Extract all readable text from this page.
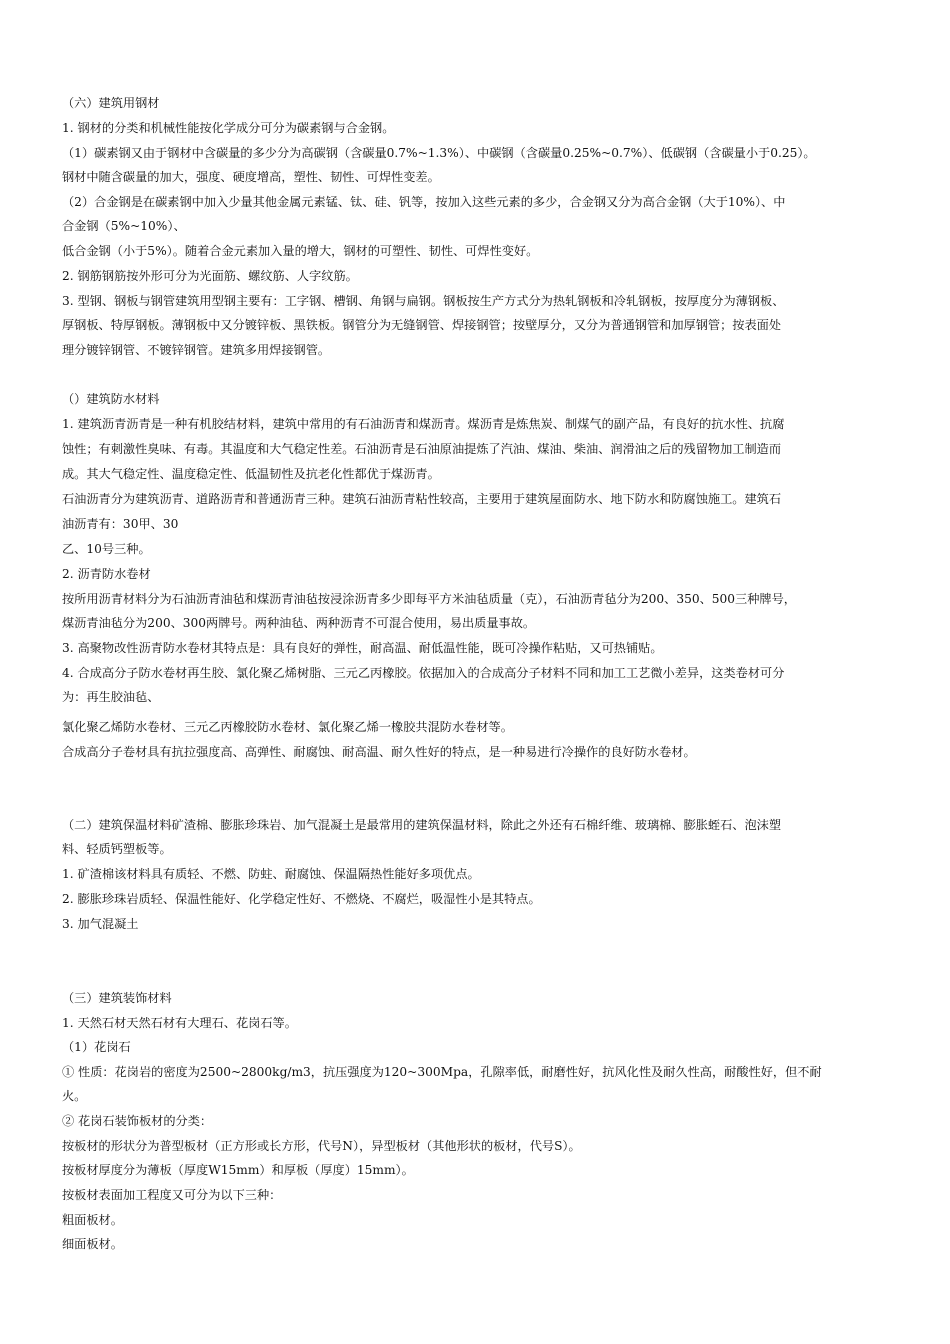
（六）建筑用钢材
1. 钢材的分类和机械性能按化学成分可分为碳素钢与合金钢。
（1）碳素钢又由于钢材中含碳量的多少分为高碳钢（含碳量0.7%~1.3%）、中碳钢（含碳量0.25%~0.7%）、低碳钢（含碳量小于0.25）。
钢材中随含碳量的加大，强度、硬度增高，塑性、韧性、可焊性变差。
（2）合金钢是在碳素钢中加入少量其他金属元素锰、钛、硅、钒等，按加入这些元素的多少，合金钢又分为高合金钢（大于10%）、中
合金钢（5%~10%）、
低合金钢（小于5%）。随着合金元素加入量的增大，钢材的可塑性、韧性、可焊性变好。
2. 钢筋钢筋按外形可分为光面筋、螺纹筋、人字纹筋。
3. 型钢、钢板与钢管建筑用型钢主要有：工字钢、槽钢、角钢与扁钢。钢板按生产方式分为热轧钢板和冷轧钢板，按厚度分为薄钢板、
厚钢板、特厚钢板。薄钢板中又分镀锌板、黑铁板。钢管分为无缝钢管、焊接钢管；按壁厚分，又分为普通钢管和加厚钢管；按表面处
理分镀锌钢管、不镀锌钢管。建筑多用焊接钢管。
（）建筑防水材料
1. 建筑沥青沥青是一种有机胶结材料，建筑中常用的有石油沥青和煤沥青。煤沥青是炼焦炭、制煤气的副产品，有良好的抗水性、抗腐
蚀性；有刺激性臭味、有毒。其温度和大气稳定性差。石油沥青是石油原油提炼了汽油、煤油、柴油、润滑油之后的残留物加工制造而
成。其大气稳定性、温度稳定性、低温韧性及抗老化性都优于煤沥青。
石油沥青分为建筑沥青、道路沥青和普通沥青三种。建筑石油沥青粘性较高，主要用于建筑屋面防水、地下防水和防腐蚀施工。建筑石
油沥青有：30甲、30
乙、10号三种。
2. 沥青防水卷材
按所用沥青材料分为石油沥青油毡和煤沥青油毡按浸涂沥青多少即每平方米油毡质量（克），石油沥青毡分为200、350、500三种牌号，
煤沥青油毡分为200、300两牌号。两种油毡、两种沥青不可混合使用，易出质量事故。
3. 高聚物改性沥青防水卷材其特点是：具有良好的弹性，耐高温、耐低温性能，既可冷操作粘贴，又可热铺贴。
4. 合成高分子防水卷材再生胶、氯化聚乙烯树脂、三元乙丙橡胶。依据加入的合成高分子材料不同和加工工艺微小差异，这类卷材可分
为：再生胶油毡、
氯化聚乙烯防水卷材、三元乙丙橡胶防水卷材、氯化聚乙烯一橡胶共混防水卷材等。
合成高分子卷材具有抗拉强度高、高弹性、耐腐蚀、耐高温、耐久性好的特点，是一种易进行冷操作的良好防水卷材。
（二）建筑保温材料矿渣棉、膨胀珍珠岩、加气混凝土是最常用的建筑保温材料，除此之外还有石棉纤维、玻璃棉、膨胀蛭石、泡沫塑
料、轻质钙塑板等。
1. 矿渣棉该材料具有质轻、不燃、防蛀、耐腐蚀、保温隔热性能好多项优点。
2. 膨胀珍珠岩质轻、保温性能好、化学稳定性好、不燃烧、不腐烂，吸湿性小是其特点。
3. 加气混凝土
（三）建筑装饰材料
1. 天然石材天然石材有大理石、花岗石等。
（1）花岗石
① 性质：花岗岩的密度为2500~2800kg/m3，抗压强度为120~300Mpa，孔隙率低，耐磨性好，抗风化性及耐久性高，耐酸性好，但不耐
火。
② 花岗石装饰板材的分类：
按板材的形状分为普型板材（正方形或长方形，代号N），异型板材（其他形状的板材，代号S）。
按板材厚度分为薄板（厚度W15mm）和厚板（厚度）15mm）。
按板材表面加工程度又可分为以下三种：
粗面板材。
细面板材。
